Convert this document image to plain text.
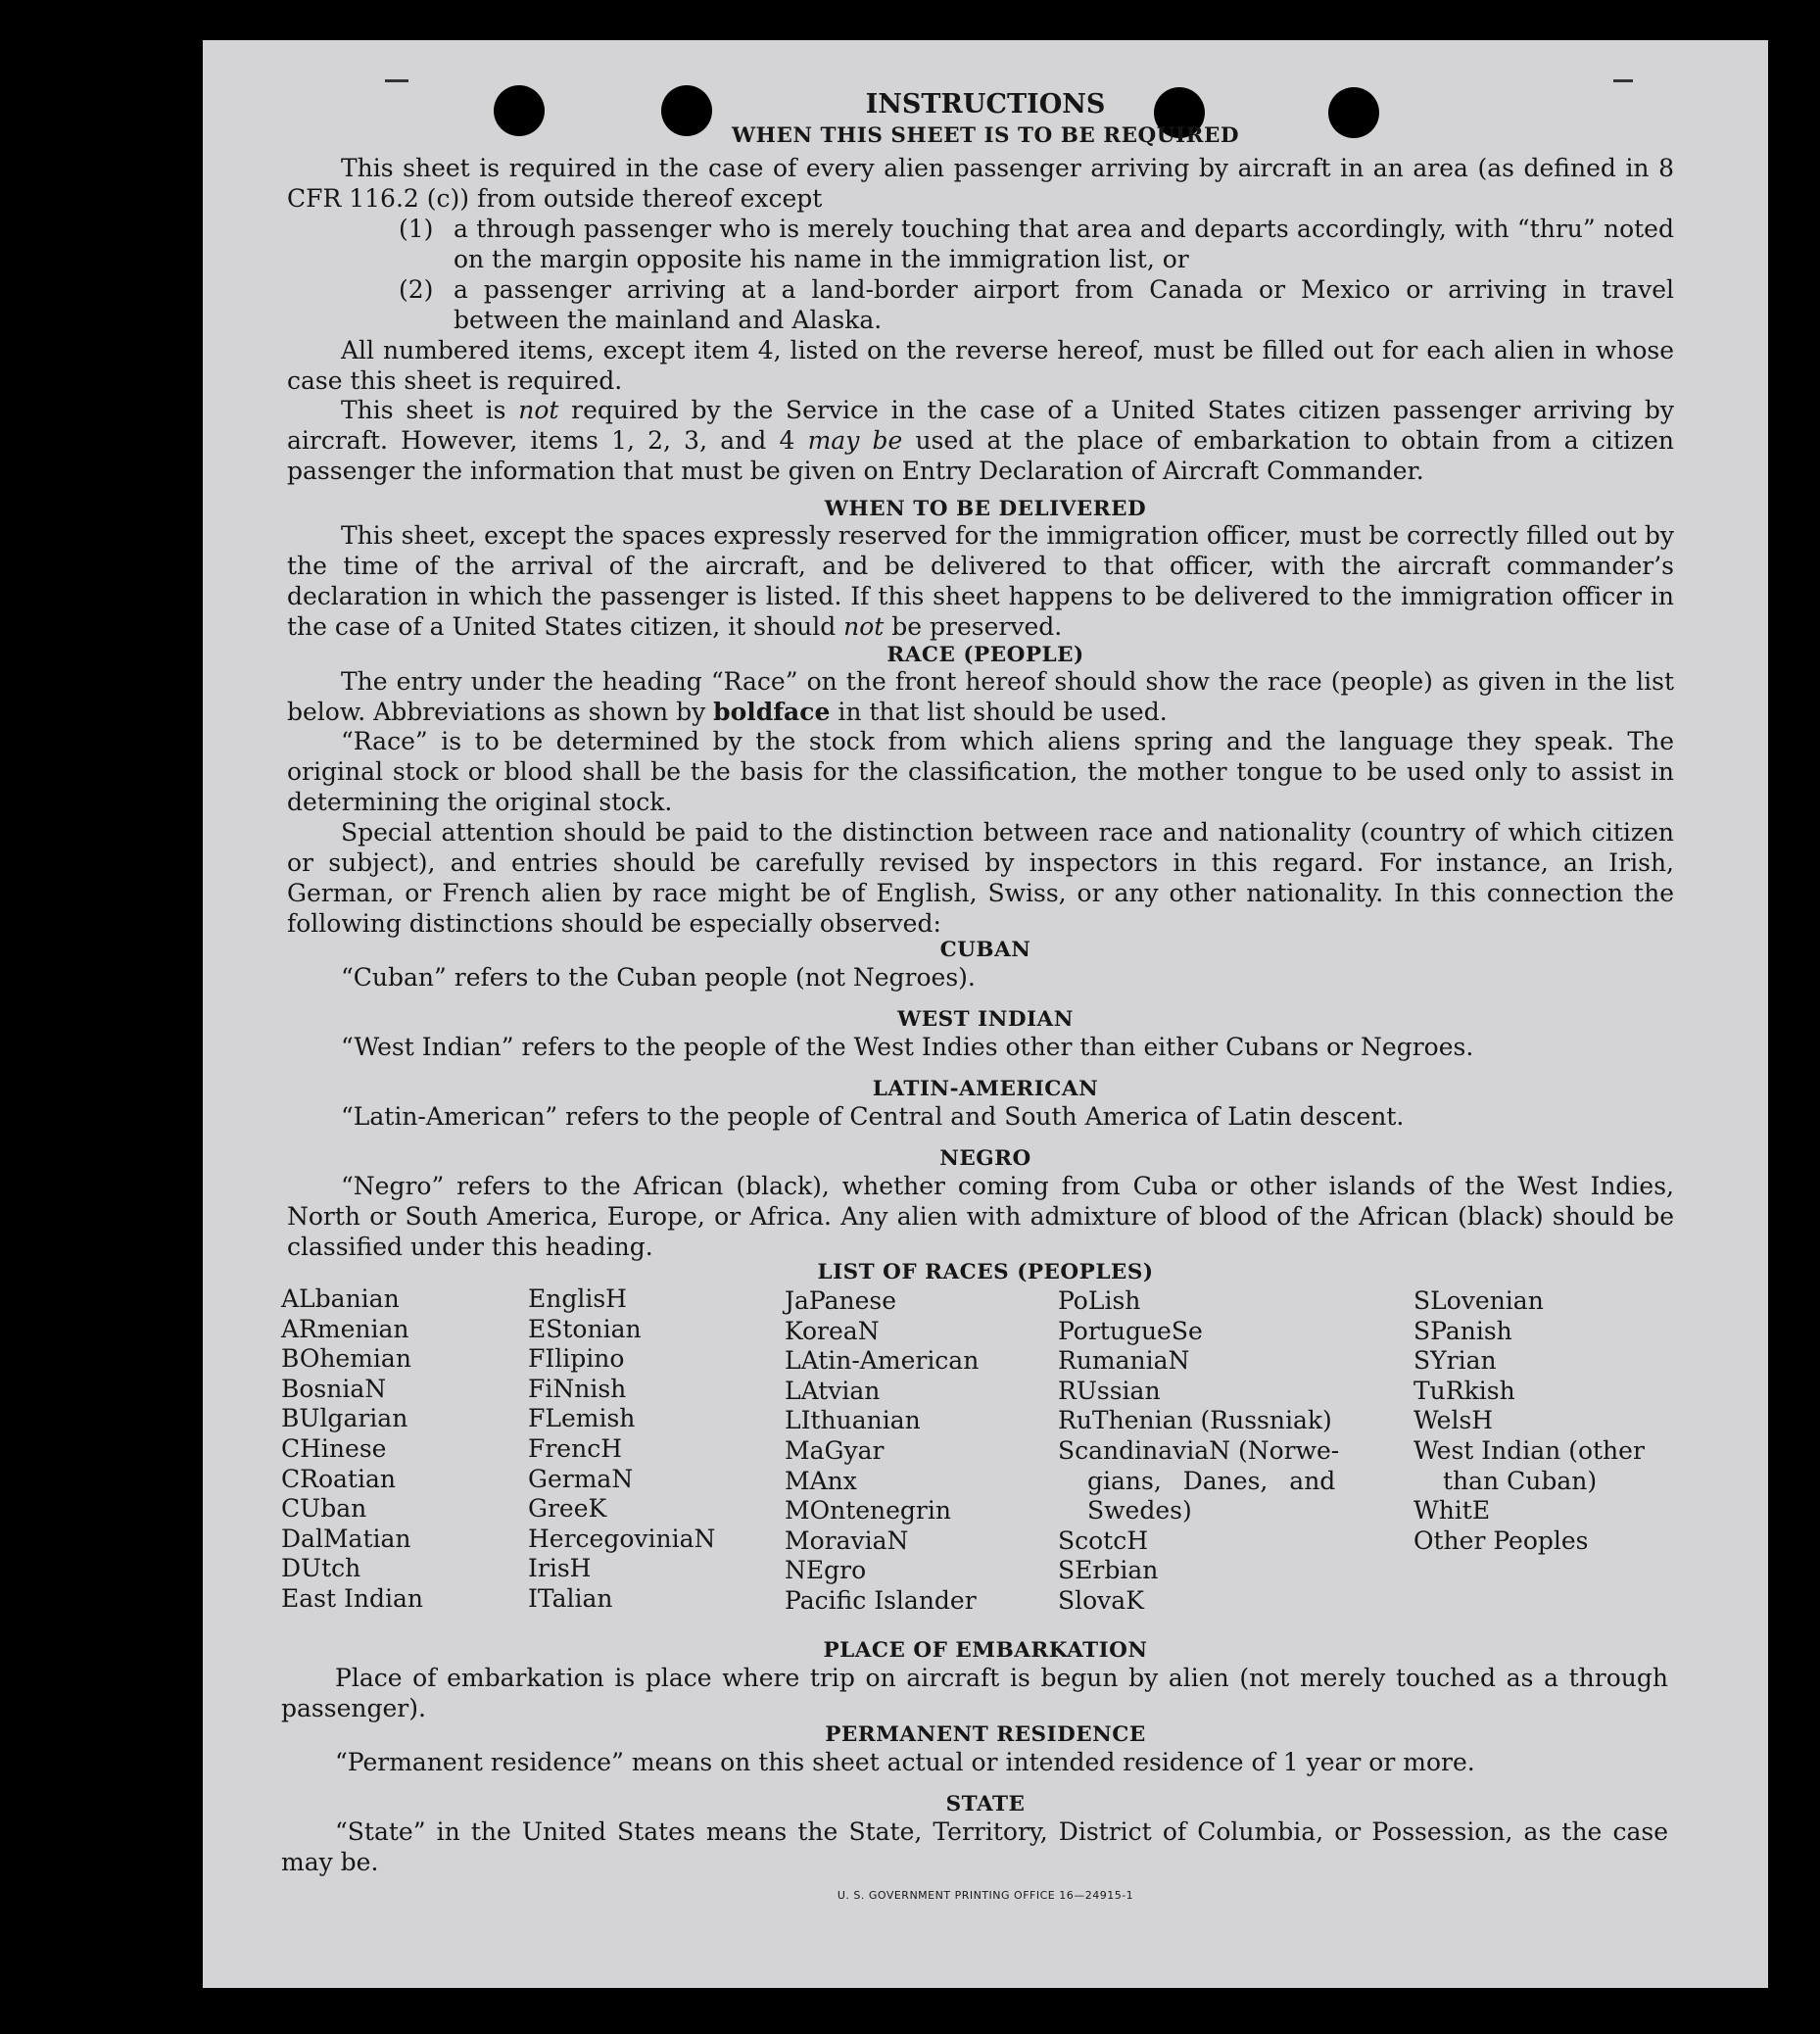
INSTRUCTIONS
WHEN THIS SHEET IS TO BE REQUIRED
This sheet is required in the case of every alien passenger arriving by aircraft in an area (as defined in 8 CFR 116.2 (c)) from outside thereof except
(1) a through passenger who is merely touching that area and departs accordingly, with “thru” noted on the margin opposite his name in the immigration list, or
(2) a passenger arriving at a land-border airport from Canada or Mexico or arriving in travel between the mainland and Alaska.
All numbered items, except item 4, listed on the reverse hereof, must be filled out for each alien in whose case this sheet is required.
This sheet is not required by the Service in the case of a United States citizen passenger arriving by aircraft. However, items 1, 2, 3, and 4 may be used at the place of embarkation to obtain from a citizen passenger the information that must be given on Entry Declaration of Aircraft Commander.
WHEN TO BE DELIVERED
This sheet, except the spaces expressly reserved for the immigration officer, must be correctly filled out by the time of the arrival of the aircraft, and be delivered to that officer, with the aircraft commander’s declaration in which the passenger is listed. If this sheet happens to be delivered to the immigration officer in the case of a United States citizen, it should not be preserved.
RACE (PEOPLE)
The entry under the heading “Race” on the front hereof should show the race (people) as given in the list below. Abbreviations as shown by boldface in that list should be used.
“Race” is to be determined by the stock from which aliens spring and the language they speak. The original stock or blood shall be the basis for the classification, the mother tongue to be used only to assist in determining the original stock.
Special attention should be paid to the distinction between race and nationality (country of which citizen or subject), and entries should be carefully revised by inspectors in this regard. For instance, an Irish, German, or French alien by race might be of English, Swiss, or any other nationality. In this connection the following distinctions should be especially observed:
CUBAN
“Cuban” refers to the Cuban people (not Negroes).
WEST INDIAN
“West Indian” refers to the people of the West Indies other than either Cubans or Negroes.
LATIN-AMERICAN
“Latin-American” refers to the people of Central and South America of Latin descent.
NEGRO
“Negro” refers to the African (black), whether coming from Cuba or other islands of the West Indies, North or South America, Europe, or Africa. Any alien with admixture of blood of the African (black) should be classified under this heading.
LIST OF RACES (PEOPLES)
ALbanian
ARmenian
BOhemian
BosniaN
BUlgarian
CHinese
CRoatian
CUban
DalMatian
DUtch
East Indian
EnglisH
EStonian
FIlipino
FiNnish
FLemish
FrencH
GermaN
GreeK
HercegoviniaN
IrisH
ITalian
JaPanese
KoreaN
LAtin-American
LAtvian
LIthuanian
MaGyar
MAnx
MOntenegrin
MoraviaN
NEgro
Pacific Islander
PoLish
PortugueSe
RumaniaN
RUssian
RuThenian (Russniak)
ScandinaviaN (Norwe-
gians, Danes, and
Swedes)
ScotcH
SErbian
SlovaK
SLovenian
SPanish
SYrian
TuRkish
WelsH
West Indian (other
than Cuban)
WhitE
Other Peoples
PLACE OF EMBARKATION
Place of embarkation is place where trip on aircraft is begun by alien (not merely touched as a through passenger).
PERMANENT RESIDENCE
“Permanent residence” means on this sheet actual or intended residence of 1 year or more.
STATE
“State” in the United States means the State, Territory, District of Columbia, or Possession, as the case may be.
U. S. GOVERNMENT PRINTING OFFICE 16—24915-1
